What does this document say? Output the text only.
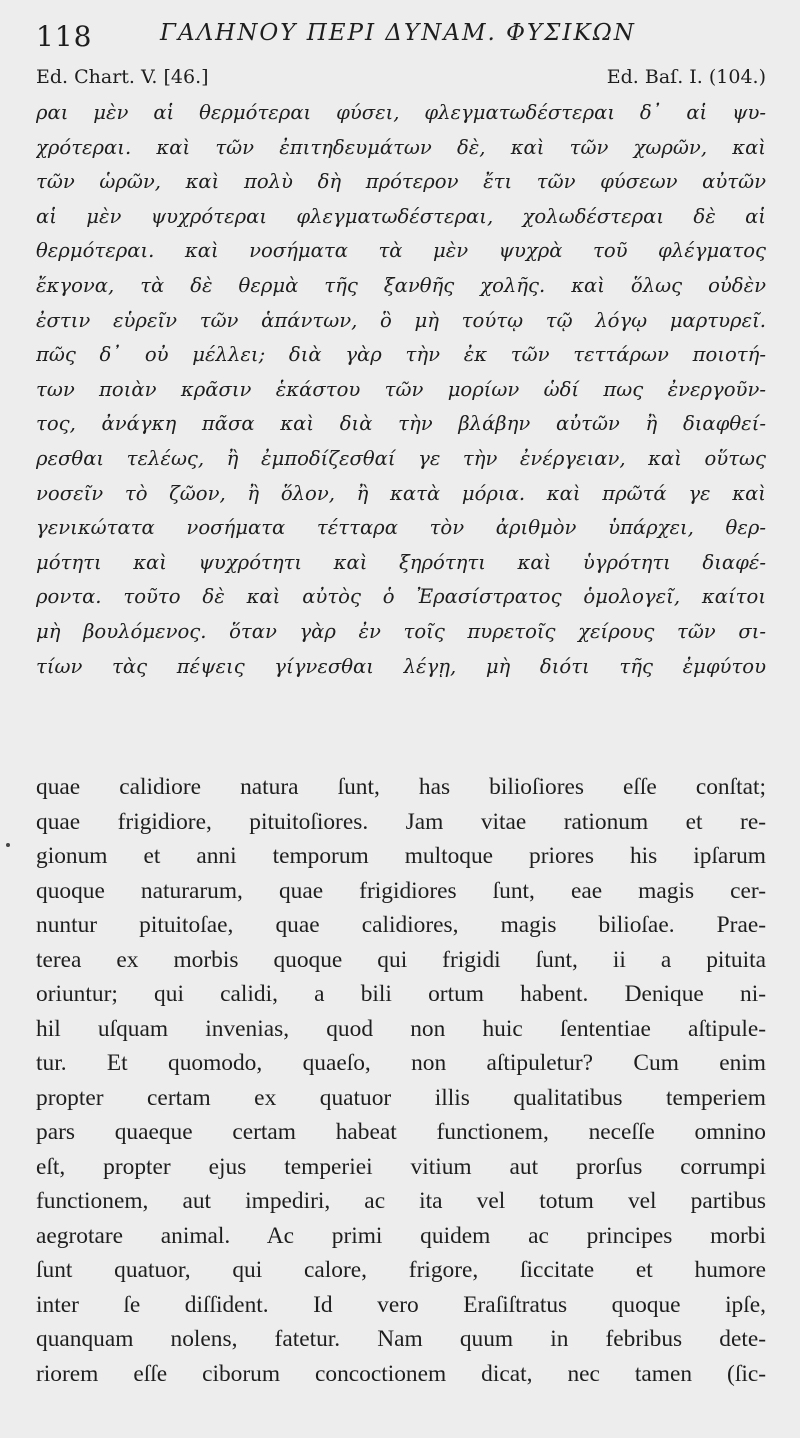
118	ΓΑΛΗΝΟΥ ΠΕΡΙ ΔΥΝΑΜ. ΦΥΣΙΚΩΝ
Ed. Chart. V. [46.]	Ed. Baſ. I. (104.)
ραι μὲν αἱ θερμότεραι φύσει, φλεγματωδέστεραι δ᾿ αἱ ψυ-
χρότεραι. καὶ τῶν ἐπιτηδευμάτων δὲ, καὶ τῶν χωρῶν, καὶ
τῶν ὡρῶν, καὶ πολὺ δὴ πρότερον ἔτι τῶν φύσεων αὐτῶν
αἱ μὲν ψυχρότεραι φλεγματωδέστεραι, χολωδέστεραι δὲ αἱ
θερμότεραι. καὶ νοσήματα τὰ μὲν ψυχρὰ τοῦ φλέγματος
ἔκγονα, τὰ δὲ θερμὰ τῆς ξανθῆς χολῆς. καὶ ὅλως οὐδὲν
ἐστιν εὑρεῖν τῶν ἁπάντων, ὃ μὴ τούτῳ τῷ λόγῳ μαρτυρεῖ.
πῶς δ᾿ οὐ μέλλει; διὰ γὰρ τὴν ἐκ τῶν τεττάρων ποιοτή-
των ποιὰν κρᾶσιν ἑκάστου τῶν μορίων ὡδί πως ἐνεργοῦν-
τος, ἀνάγκη πᾶσα καὶ διὰ τὴν βλάβην αὐτῶν ἢ διαφθεί-
ρεσθαι τελέως, ἢ ἐμποδίζεσθαί γε τὴν ἐνέργειαν, καὶ οὕτως
νοσεῖν τὸ ζῶον, ἢ ὅλον, ἢ κατὰ μόρια. καὶ πρῶτά γε καὶ
γενικώτατα νοσήματα τέτταρα τὸν ἀριθμὸν ὑπάρχει, θερ-
μότητι καὶ ψυχρότητι καὶ ξηρότητι καὶ ὑγρότητι διαφέ-
ροντα. τοῦτο δὲ καὶ αὐτὸς ὁ Ἐρασίστρατος ὁμολογεῖ, καίτοι
μὴ βουλόμενος. ὅταν γὰρ ἐν τοῖς πυρετοῖς χείρους τῶν σι-
τίων τὰς πέψεις γίγνεσθαι λέγῃ, μὴ διότι τῆς ἐμφύτου
quae calidiore natura ſunt, has bilioſiores eſſe conſtat;
quae frigidiore, pituitoſiores. Jam vitae rationum et re-
gionum et anni temporum multoque priores his ipſarum
quoque naturarum, quae frigidiores ſunt, eae magis cer-
nuntur pituitoſae, quae calidiores, magis bilioſae. Prae-
terea ex morbis quoque qui frigidi ſunt, ii a pituita
oriuntur; qui calidi, a bili ortum habent. Denique ni-
hil uſquam invenias, quod non huic ſententiae aſtipule-
tur. Et quomodo, quaeſo, non aſtipuletur? Cum enim
propter certam ex quatuor illis qualitatibus temperiem
pars quaeque certam habeat functionem, neceſſe omnino
eſt, propter ejus temperiei vitium aut prorſus corrumpi
functionem, aut impediri, ac ita vel totum vel partibus
aegrotare animal. Ac primi quidem ac principes morbi
ſunt quatuor, qui calore, frigore, ſiccitate et humore
inter ſe diſſident. Id vero Eraſiſtratus quoque ipſe,
quanquam nolens, fatetur. Nam quum in febribus dete-
riorem eſſe ciborum concoctionem dicat, nec tamen (ſic-
